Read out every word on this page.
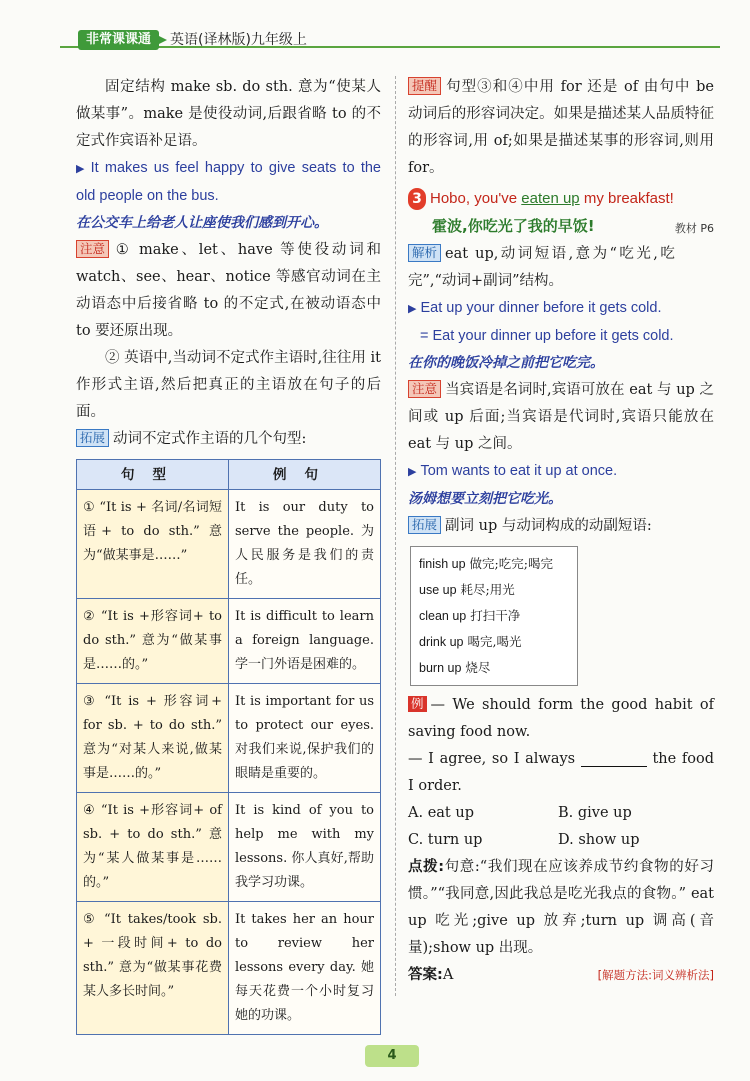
非常课课通	英语(译林版)九年级上

固定结构 make sb. do sth. 意为“使某人做某事”。make 是使役动词,后跟省略 to 的不定式作宾语补足语。

▶ It makes us feel happy to give seats to the old people on the bus.

在公交车上给老人让座使我们感到开心。

注意 ① make、let、have 等使役动词和 watch、see、hear、notice 等感官动词在主动语态中后接省略 to 的不定式,在被动语态中 to 要还原出现。

② 英语中,当动词不定式作主语时,往往用 it 作形式主语,然后把真正的主语放在句子的后面。

拓展 动词不定式作主语的几个句型:

句型	例句
① “It is + 名词/名词短语+ to do sth.” 意为“做某事是……”	It is our duty to serve the people. 为人民服务是我们的责任。
② “It is +形容词+ to do sth.” 意为“做某事是……的。”	It is difficult to learn a foreign language. 学一门外语是困难的。
③ “It is + 形容词+ for sb. + to do sth.” 意为“对某人来说,做某事是……的。”	It is important for us to protect our eyes. 对我们来说,保护我们的眼睛是重要的。
④ “It is +形容词+ of sb. + to do sth.” 意为“某人做某事是……的。”	It is kind of you to help me with my lessons. 你人真好,帮助我学习功课。
⑤ “It takes/took sb. + 一段时间+ to do sth.” 意为“做某事花费某人多长时间。”	It takes her an hour to review her lessons every day. 她每天花费一个小时复习她的功课。

提醒 句型③和④中用 for 还是 of 由句中 be 动词后的形容词决定。如果是描述某人品质特征的形容词,用 of;如果是描述某事的形容词,则用 for。

3 Hobo, you've eaten up my breakfast!

霍波,你吃光了我的早饭!	教材 P6

解析 eat up,动词短语,意为“吃光,吃完”,“动词+副词”结构。

▶ Eat up your dinner before it gets cold.

= Eat your dinner up before it gets cold.

在你的晚饭冷掉之前把它吃完。

注意 当宾语是名词时,宾语可放在 eat 与 up 之间或 up 后面;当宾语是代词时,宾语只能放在 eat 与 up 之间。

▶ Tom wants to eat it up at once.

汤姆想要立刻把它吃光。

拓展 副词 up 与动词构成的动副短语:

finish up 做完;吃完;喝完
use up 耗尽;用光
clean up 打扫干净
drink up 喝完,喝光
burn up 烧尽

例 — We should form the good habit of saving food now.

— I agree, so I always	the food I order.

A. eat up	B. give up
C. turn up	D. show up

点拨:句意:“我们现在应该养成节约食物的好习惯。”“我同意,因此我总是吃光我点的食物。” eat up 吃光;give up 放弃;turn up 调高(音量);show up 出现。

答案:A	[解题方法:词义辨析法]

4
